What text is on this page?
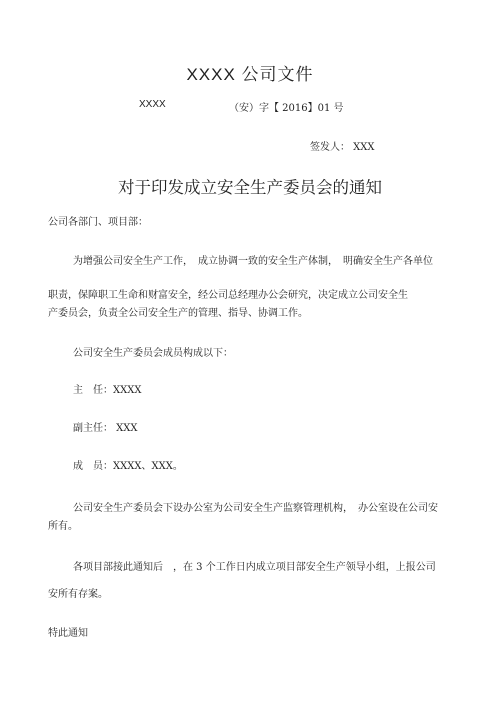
XXXX 公司文件
XXXX	（安）字【 2016】01 号
签发人： XXX
对于印发成立安全生产委员会的通知
公司各部门、项目部：
为增强公司安全生产工作，　成立协调一致的安全生产体制，　明确安全生产各单位
职责，保障职工生命和财富安全，经公司总经理办公会研究，决定成立公司安全生
产委员会，负责全公司安全生产的管理、指导、协调工作。
公司安全生产委员会成员构成以下：
主　任：XXXX
副主任： XXX
成　员：XXXX、XXX。
公司安全生产委员会下设办公室为公司安全生产监察管理机构，　办公室设在公司安
所有。
各项目部接此通知后　，在 3 个工作日内成立项目部安全生产领导小组，上报公司
安所有存案。
特此通知
